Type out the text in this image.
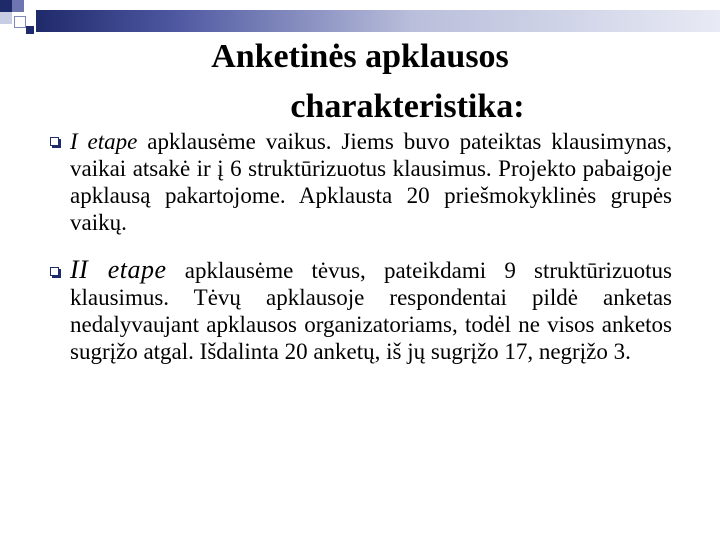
Anketinės apklausos
charakteristika:
I etape apklausėme vaikus. Jiems buvo pateiktas klausimynas, vaikai atsakė ir į 6 struktūrizuotus klausimus. Projekto pabaigoje apklausą pakartojome. Apklausta 20 priešmokyklinės grupės vaikų.
II etape apklausėme tėvus, pateikdami 9 struktūrizuotus klausimus. Tėvų apklausoje respondentai pildė anketas nedalyvaujant apklausos organizatoriams, todėl ne visos anketos sugrįžo atgal. Išdalinta 20 anketų, iš jų sugrįžo 17, negrįžo 3.
